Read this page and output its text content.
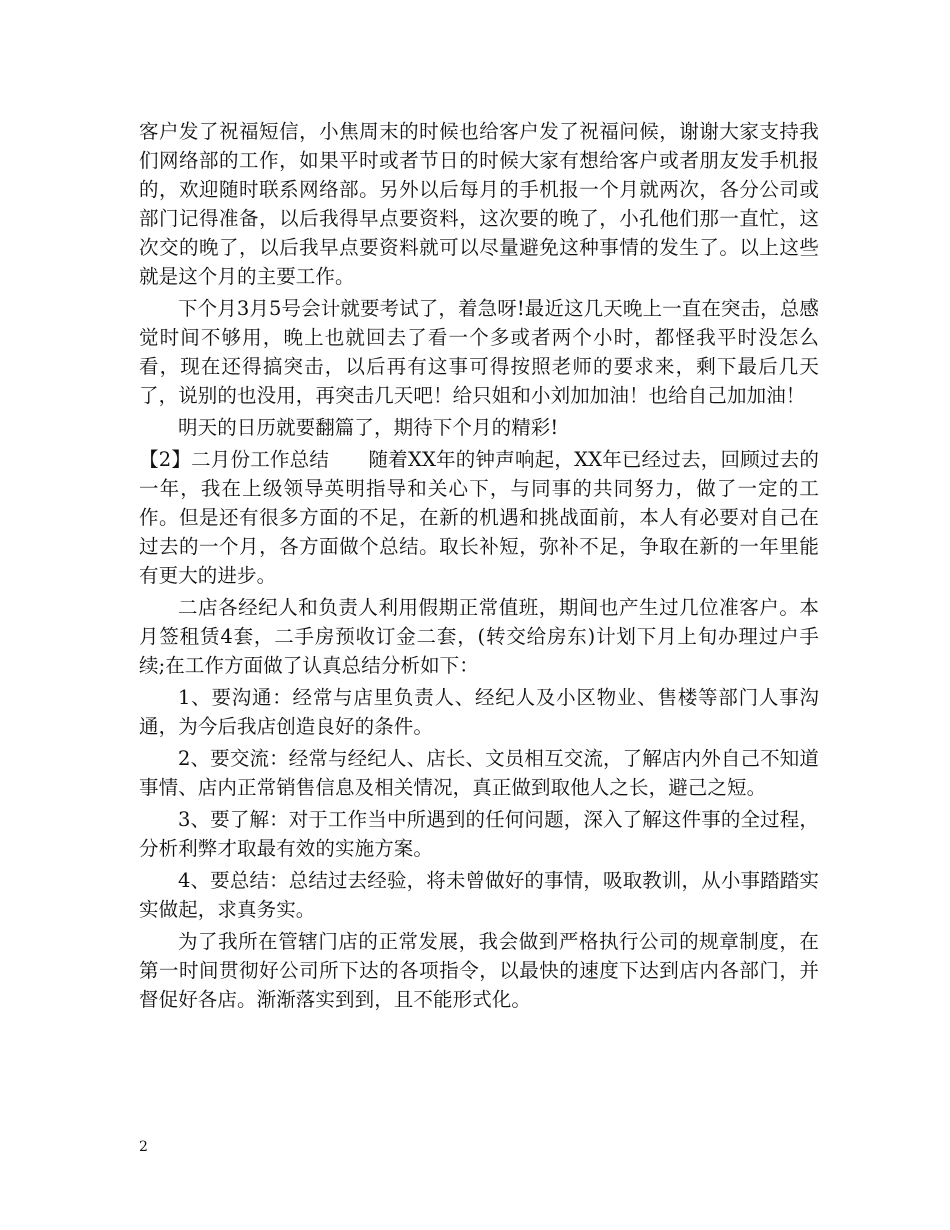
客户发了祝福短信，小焦周末的时候也给客户发了祝福问候，谢谢大家支持我们网络部的工作，如果平时或者节日的时候大家有想给客户或者朋友发手机报的，欢迎随时联系网络部。另外以后每月的手机报一个月就两次，各分公司或部门记得准备，以后我得早点要资料，这次要的晚了，小孔他们那一直忙，这次交的晚了，以后我早点要资料就可以尽量避免这种事情的发生了。以上这些就是这个月的主要工作。

下个月3月5号会计就要考试了，着急呀!最近这几天晚上一直在突击，总感觉时间不够用，晚上也就回去了看一个多或者两个小时，都怪我平时没怎么看，现在还得搞突击，以后再有这事可得按照老师的要求来，剩下最后几天了，说别的也没用，再突击几天吧！给只姐和小刘加加油！也给自己加加油！

明天的日历就要翻篇了，期待下个月的精彩!

【2】二月份工作总结　　随着XX年的钟声响起，XX年已经过去，回顾过去的一年，我在上级领导英明指导和关心下，与同事的共同努力，做了一定的工作。但是还有很多方面的不足，在新的机遇和挑战面前，本人有必要对自己在过去的一个月，各方面做个总结。取长补短，弥补不足，争取在新的一年里能有更大的进步。

二店各经纪人和负责人利用假期正常值班，期间也产生过几位准客户。本月签租赁4套，二手房预收订金二套，(转交给房东)计划下月上旬办理过户手续;在工作方面做了认真总结分析如下：

1、要沟通：经常与店里负责人、经纪人及小区物业、售楼等部门人事沟通，为今后我店创造良好的条件。

2、要交流：经常与经纪人、店长、文员相互交流，了解店内外自己不知道事情、店内正常销售信息及相关情况，真正做到取他人之长，避己之短。

3、要了解：对于工作当中所遇到的任何问题，深入了解这件事的全过程，分析利弊才取最有效的实施方案。

4、要总结：总结过去经验，将未曾做好的事情，吸取教训，从小事踏踏实实做起，求真务实。

为了我所在管辖门店的正常发展，我会做到严格执行公司的规章制度，在第一时间贯彻好公司所下达的各项指令，以最快的速度下达到店内各部门，并督促好各店。渐渐落实到到，且不能形式化。

2
